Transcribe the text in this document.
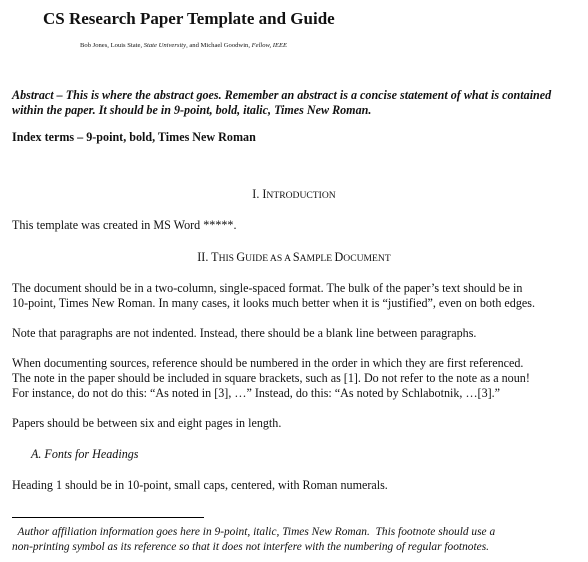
CS Research Paper Template and Guide
Bob Jones, Louis State, State University, and Michael Goodwin, Fellow, IEEE
Abstract – This is where the abstract goes. Remember an abstract is a concise statement of what is contained
within the paper. It should be in 9-point, bold, italic, Times New Roman.
Index terms – 9-point, bold, Times New Roman
I. INTRODUCTION
This template was created in MS Word *****.
II. THIS GUIDE AS A SAMPLE DOCUMENT
The document should be in a two-column, single-spaced format. The bulk of the paper’s text should be in
10-point, Times New Roman. In many cases, it looks much better when it is “justified”, even on both edges.
Note that paragraphs are not indented. Instead, there should be a blank line between paragraphs.
When documenting sources, reference should be numbered in the order in which they are first referenced.
The note in the paper should be included in square brackets, such as [1]. Do not refer to the note as a noun!
For instance, do not do this: “As noted in [3], …” Instead, do this: “As noted by Schlabotnik, …[3].”
Papers should be between six and eight pages in length.
A. Fonts for Headings
Heading 1 should be in 10-point, small caps, centered, with Roman numerals.
Author affiliation information goes here in 9-point, italic, Times New Roman.  This footnote should use a
non-printing symbol as its reference so that it does not interfere with the numbering of regular footnotes.
